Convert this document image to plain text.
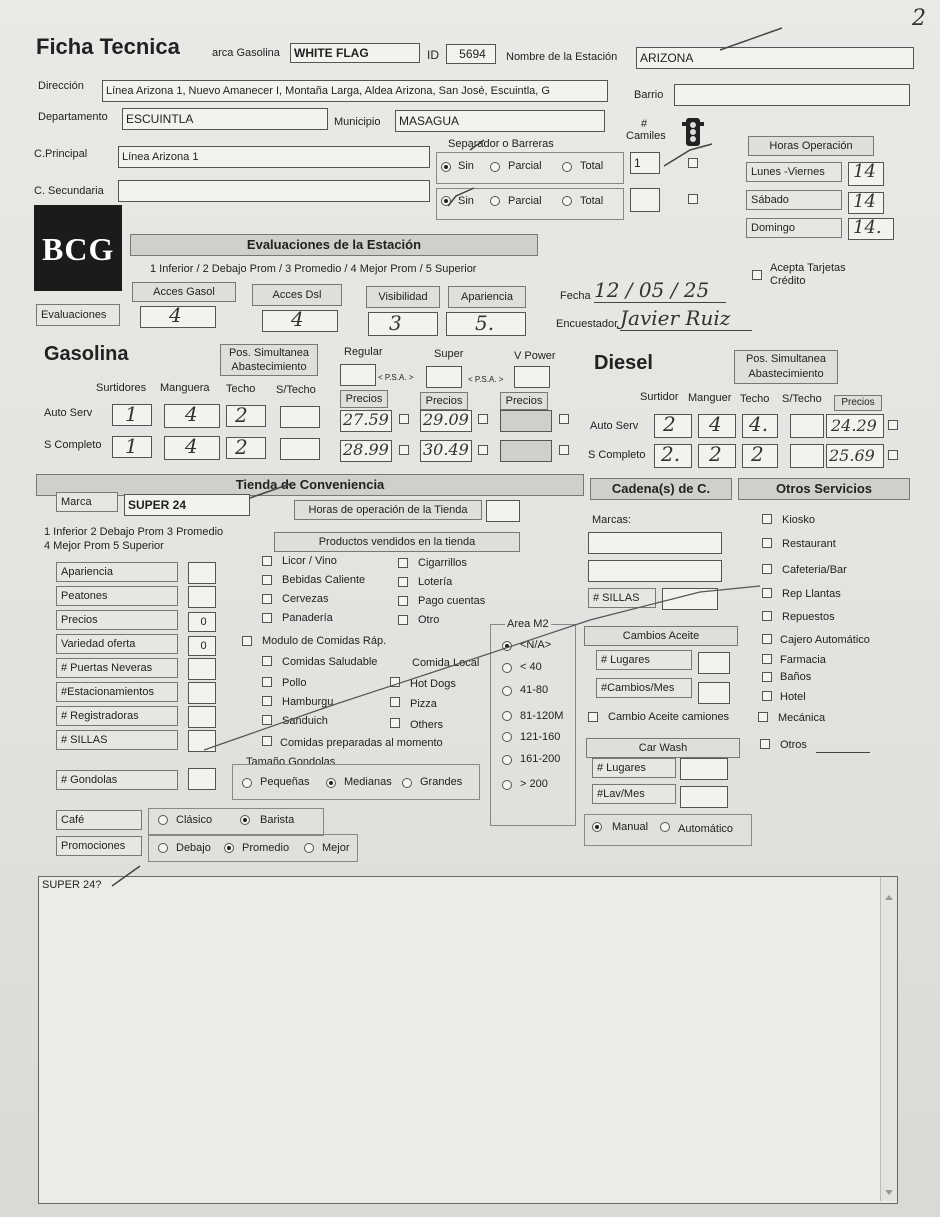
2
Ficha Tecnica	arca Gasolina	WHITE FLAG	ID	5694	Nombre de la Estación	ARIZONA
Dirección	Línea Arizona 1, Nuevo Amanecer I, Montaña Larga, Aldea Arizona, San José, Escuintla, G	Barrio
Departamento	ESCUINTLA	Municipio	MASAGUA
C.Principal	Línea Arizona 1
C. Secundaria
Separador o Barreras
Sin	Parcial	Total
Sin	Parcial	Total
# Camiles
1
Horas Operación
Lunes -Viernes	14
Sábado	14
Domingo	14.
BCG	Evaluaciones de la Estación
1 Inferior / 2 Debajo Prom / 3 Promedio / 4 Mejor Prom / 5 Superior
Acces Gasol	Acces Dsl	Visibilidad	Apariencia
Evaluaciones	4	4	3	5.
Acepta Tarjetas Crédito
Fecha 12 / 05 / 25
Encuestador Javier Ruiz
Gasolina	Pos. Simultanea Abastecimiento
Regular	Super	V Power
< P.S.A. >	< P.S.A. >
Surtidores Manguera Techo S/Techo
Precios	Precios	Precios
Auto Serv 1 4 2	27.59 29.09
S Completo 1 4 2	28.99 30.49
Diesel	Pos. Simultanea Abastecimiento
Surtidor Manguer Techo S/Techo	Precios
Auto Serv 2 4 4.	24.29
S Completo 2. 2 2	25.69
Tienda de Conveniencia	Cadena(s) de C.	Otros Servicios
Marca	SUPER 24	Horas de operación de la Tienda
1 Inferior 2 Debajo Prom 3 Promedio
4 Mejor Prom 5 Superior	Productos vendidos en la tienda
Apariencia
Peatones
Precios	0
Variedad oferta	0
# Puertas Neveras
#Estacionamientos
# Registradoras
# SILLAS
# Gondolas
Licor / Vino
Bebidas Caliente
Cervezas
Panadería
Cigarrillos
Lotería
Pago cuentas
Otro
Modulo de Comidas Ráp.
Comidas Saludable	Comida Local
Pollo	Hot Dogs
Hamburgu	Pizza
Sanduich	Others
Comidas preparadas al momento
Tamaño Gondolas
Pequeñas	Medianas	Grandes
Café	Clásico	Barista
Promociones	Debajo	Promedio	Mejor
Area M2
<N/A>
< 40
41-80
81-120M
121-160
161-200
> 200
Marcas:
# SILLAS
Cambios Aceite
# Lugares
#Cambios/Mes
Cambio Aceite camiones
Car Wash
# Lugares
#Lav/Mes
Manual	Automático
Kiosko
Restaurant
Cafeteria/Bar
Rep Llantas
Repuestos
Cajero Automático
Farmacia
Baños
Hotel
Mecánica
Otros
SUPER 24?
